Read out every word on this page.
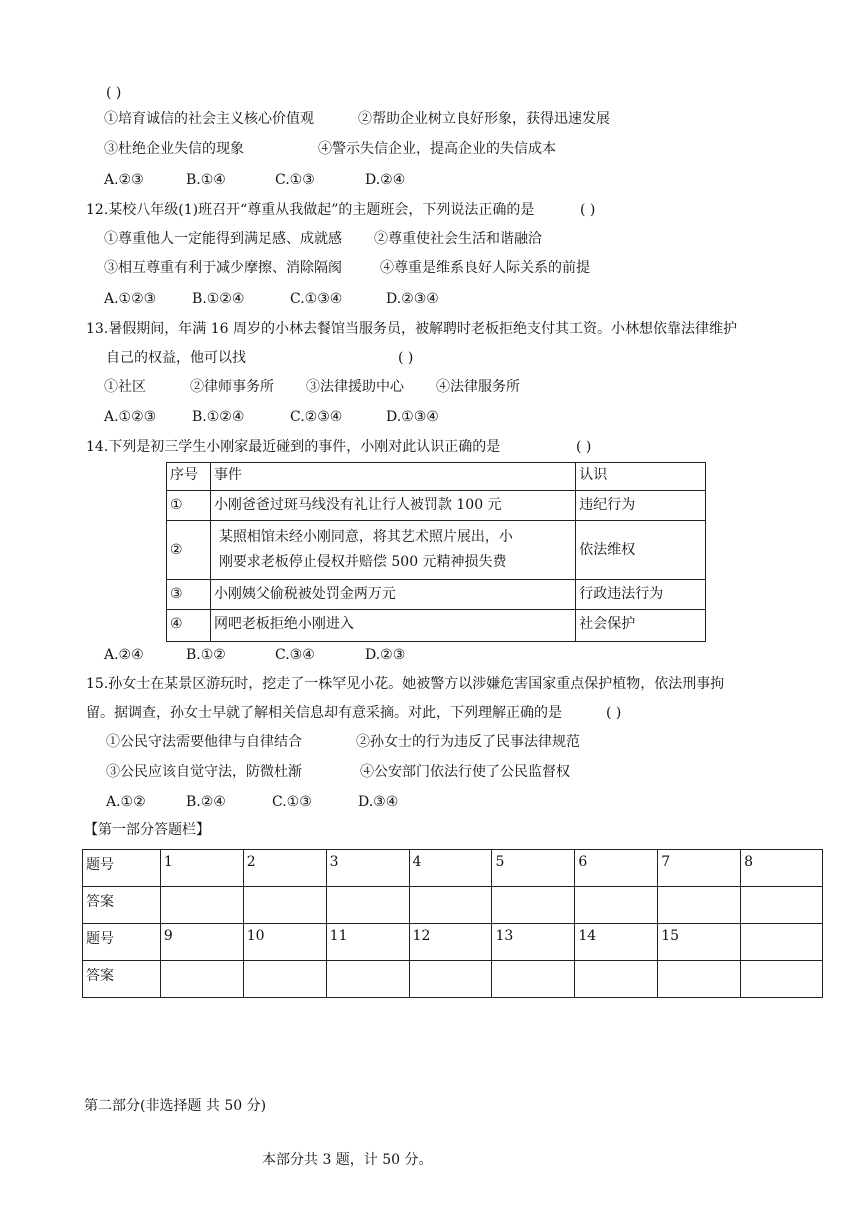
( )
①培育诚信的社会主义核心价值观	②帮助企业树立良好形象，获得迅速发展
③杜绝企业失信的现象	④警示失信企业，提高企业的失信成本
A.②③	B.①④	C.①③	D.②④
12.某校八年级(1)班召开“尊重从我做起”的主题班会，下列说法正确的是	( )
①尊重他人一定能得到满足感、成就感 ②尊重使社会生活和谐融洽
③相互尊重有利于减少摩擦、消除隔阂	④尊重是维系良好人际关系的前提
A.①②③	B.①②④	C.①③④	D.②③④
13.暑假期间，年满 16 周岁的小林去餐馆当服务员，被解聘时老板拒绝支付其工资。小林想依靠法律维护
自己的权益，他可以找	( )
①社区	②律师事务所 ③法律援助中心 ④法律服务所
A.①②③	B.①②④	C.②③④	D.①③④
14.下列是初三学生小刚家最近碰到的事件，小刚对此认识正确的是	( )
序号	事件	认识
①	小刚爸爸过斑马线没有礼让行人被罚款 100 元	违纪行为
②	某照相馆未经小刚同意，将其艺术照片展出，小
刚要求老板停止侵权并赔偿 500 元精神损失费	依法维权
③	小刚姨父偷税被处罚金两万元	行政违法行为
④	网吧老板拒绝小刚进入	社会保护
A.②④	B.①②	C.③④	D.②③
15.孙女士在某景区游玩时，挖走了一株罕见小花。她被警方以涉嫌危害国家重点保护植物，依法刑事拘
留。据调查，孙女士早就了解相关信息却有意采摘。对此，下列理解正确的是	( )
①公民守法需要他律与自律结合	②孙女士的行为违反了民事法律规范
③公民应该自觉守法，防微杜渐	④公安部门依法行使了公民监督权
A.①②	B.②④	C.①③	D.③④
【第一部分答题栏】
题号	1	2	3	4	5	6	7	8
答案								
题号	9	10	11	12	13	14	15	
答案								
第二部分(非选择题 共 50 分)
本部分共 3 题，计 50 分。
